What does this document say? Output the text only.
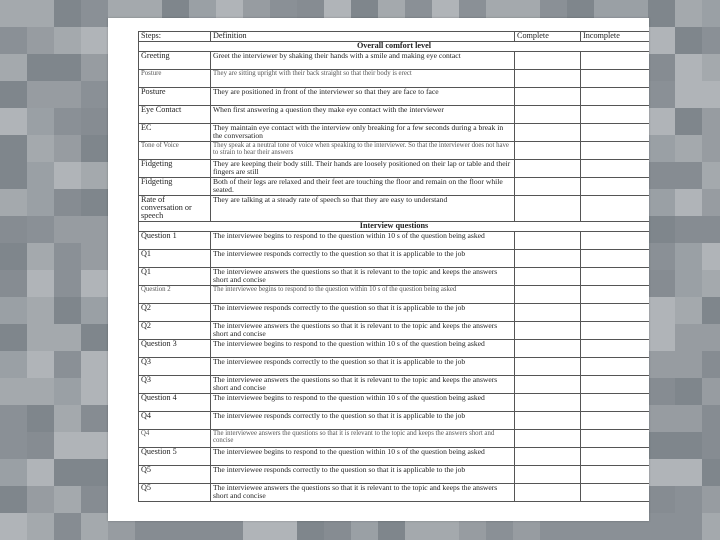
Steps:	Definition	Complete	Incomplete
Overall comfort level			
Greeting	Greet the interviewer by shaking their hands with a smile and making eye contact		
Posture	They are sitting upright with their back straight so that their body is erect		
Posture	They are positioned in front of the interviewer so that they are face to face		
Eye Contact	When first answering a question they make eye contact with the interviewer		
EC	They maintain eye contact with the interview only breaking for a few seconds during a break in the conversation		
Tone of Voice	They speak at a neutral tone of voice when speaking to the interviewer. So that the interviewer does not have to strain to hear their answers		
Fidgeting	They are keeping their body still. Their hands are loosely positioned on their lap or table and their fingers are still		
Fidgeting	Both of their legs are relaxed and their feet are touching the floor and remain on the floor while seated.		
Rate of conversation or speech	They are talking at a steady rate of speech so that they are easy to understand		
Interview questions			
Question 1	The interviewee begins to respond to the question within 10 s of the question being asked		
Q1	The interviewee responds correctly to the question so that it is applicable to the job		
Q1	The interviewee answers the questions so that it is relevant to the topic and keeps the answers short and concise		
Question 2	The interviewee begins to respond to the question within 10 s of the question being asked		
Q2	The interviewee responds correctly to the question so that it is applicable to the job		
Q2	The interviewee answers the questions so that it is relevant to the topic and keeps the answers short and concise		
Question 3	The interviewee begins to respond to the question within 10 s of the question being asked		
Q3	The interviewee responds correctly to the question so that it is applicable to the job		
Q3	The interviewee answers the questions so that it is relevant to the topic and keeps the answers short and concise		
Question 4	The interviewee begins to respond to the question within 10 s of the question being asked		
Q4	The interviewee responds correctly to the question so that it is applicable to the job		
Q4	The interviewee answers the questions so that it is relevant to the topic and keeps the answers short and concise		
Question 5	The interviewee begins to respond to the question within 10 s of the question being asked		
Q5	The interviewee responds correctly to the question so that it is applicable to the job		
Q5	The interviewee answers the questions so that it is relevant to the topic and keeps the answers short and concise		
